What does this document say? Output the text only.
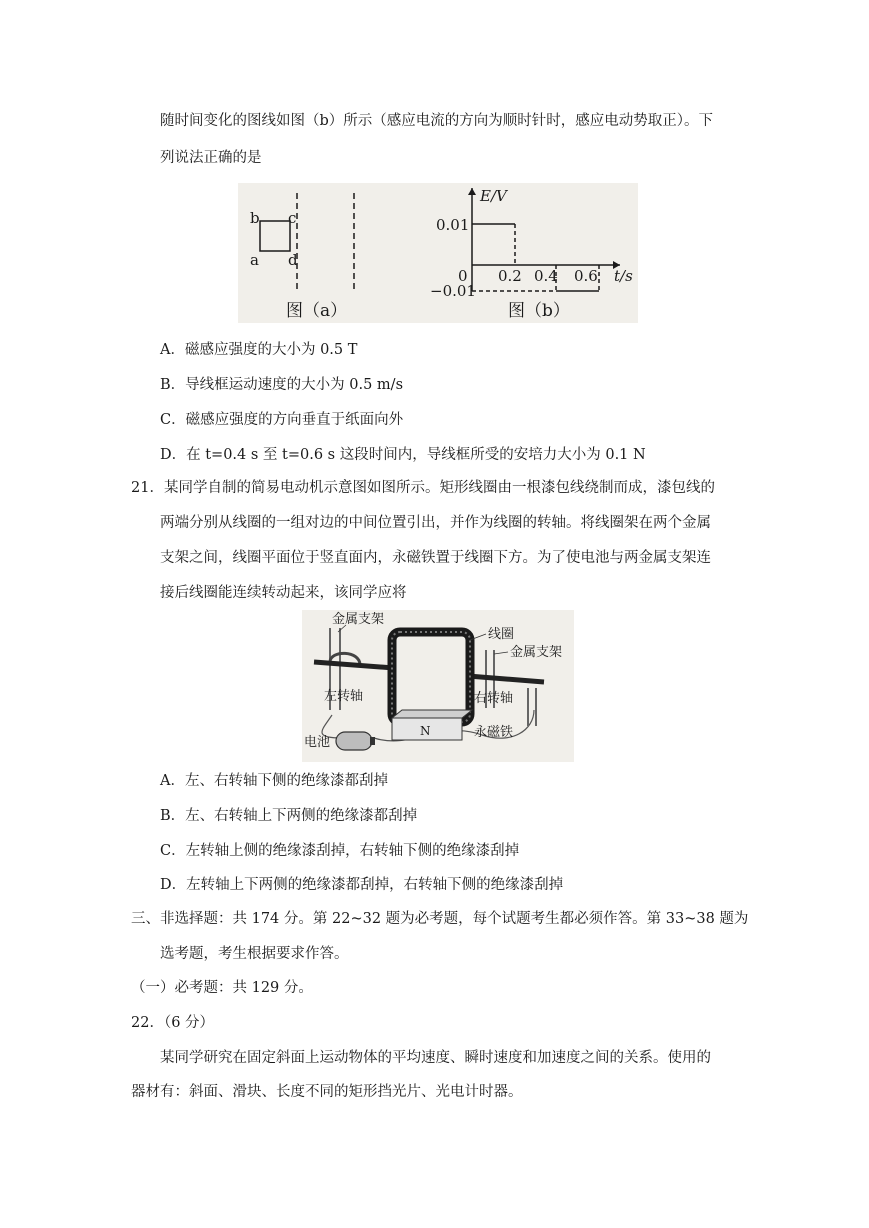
随时间变化的图线如图（b）所示（感应电流的方向为顺时针时，感应电动势取正）。下
列说法正确的是
b c
a d
图（a）
E/V
t/s
0
0.01
−0.01
0.2 0.4 0.6
图（b）
A．磁感应强度的大小为 0.5 T
B．导线框运动速度的大小为 0.5 m/s
C．磁感应强度的方向垂直于纸面向外
D．在 t=0.4 s 至 t=0.6 s 这段时间内，导线框所受的安培力大小为 0.1 N
21．某同学自制的简易电动机示意图如图所示。矩形线圈由一根漆包线绕制而成，漆包线的
两端分别从线圈的一组对边的中间位置引出，并作为线圈的转轴。将线圈架在两个金属
支架之间，线圈平面位于竖直面内，永磁铁置于线圈下方。为了使电池与两金属支架连
接后线圈能连续转动起来，该同学应将
N
金属支架
线圈
金属支架
左转轴	右转轴
永磁铁
电池
A．左、右转轴下侧的绝缘漆都刮掉
B．左、右转轴上下两侧的绝缘漆都刮掉
C．左转轴上侧的绝缘漆刮掉，右转轴下侧的绝缘漆刮掉
D．左转轴上下两侧的绝缘漆都刮掉，右转轴下侧的绝缘漆刮掉
三、非选择题：共 174 分。第 22~32 题为必考题，每个试题考生都必须作答。第 33~38 题为
选考题，考生根据要求作答。
（一）必考题：共 129 分。
22．（6 分）
某同学研究在固定斜面上运动物体的平均速度、瞬时速度和加速度之间的关系。使用的
器材有：斜面、滑块、长度不同的矩形挡光片、光电计时器。
